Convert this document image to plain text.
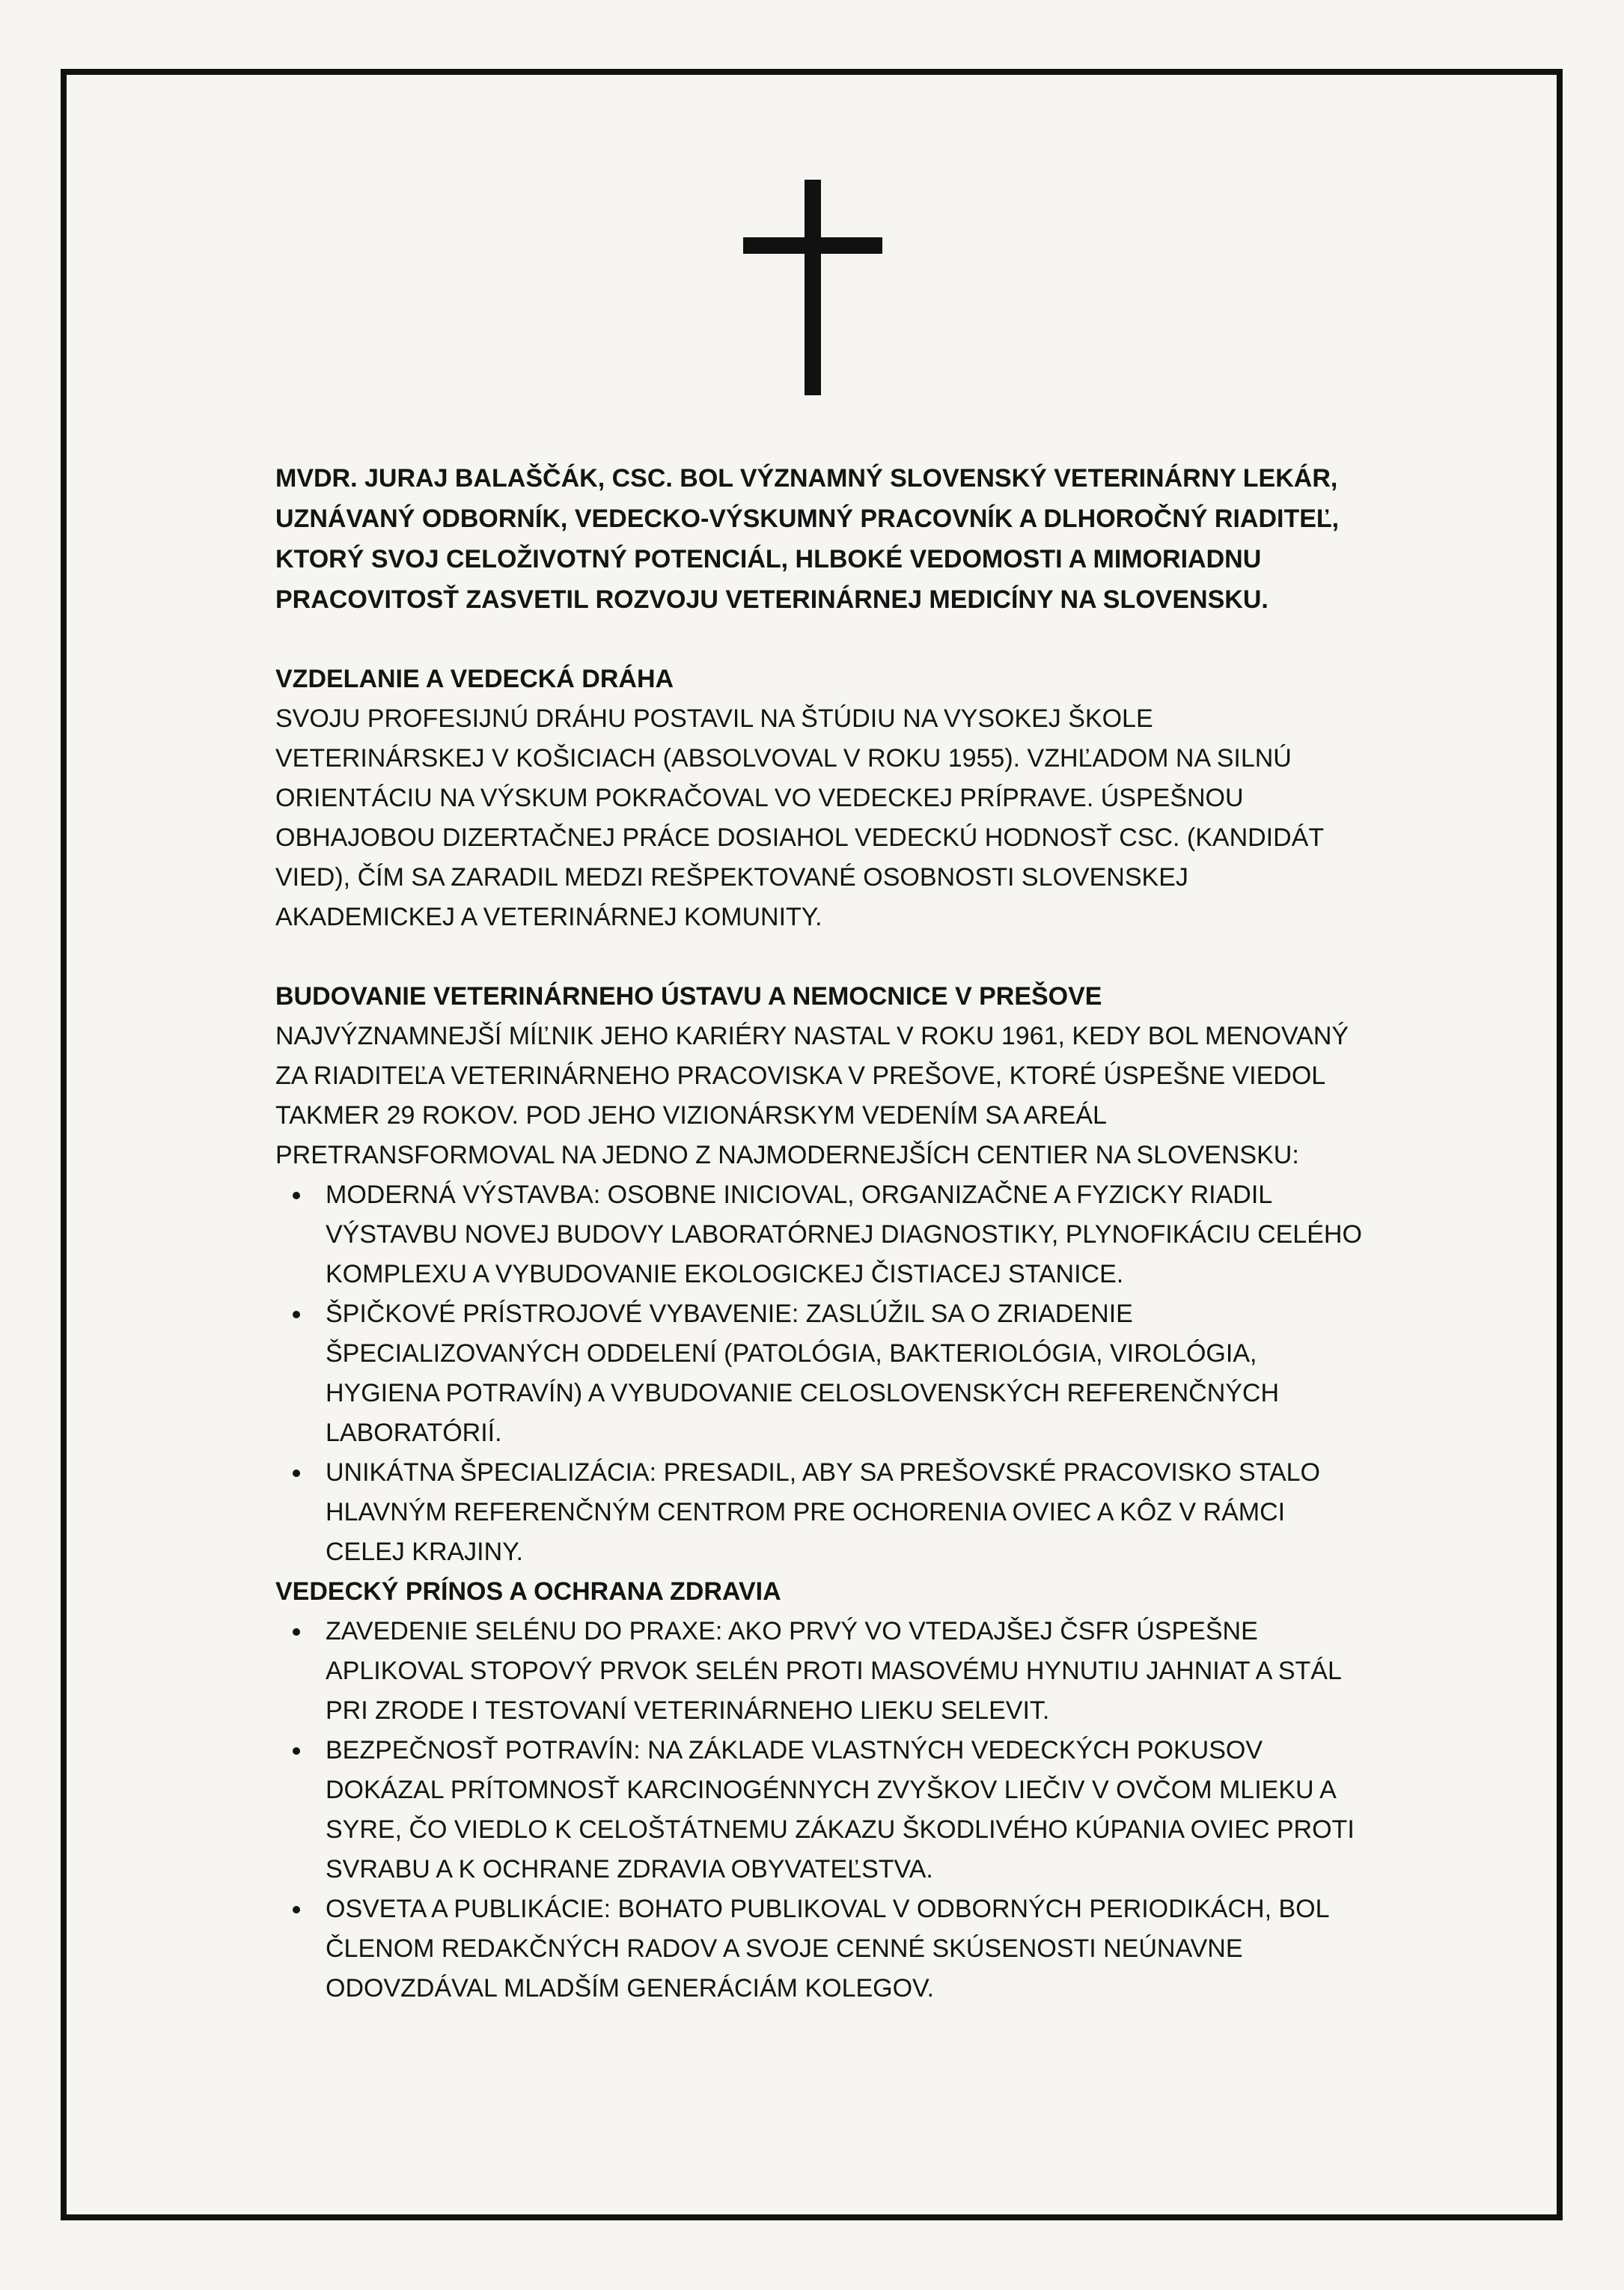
MVDR. JURAJ BALAŠČÁK, CSC. BOL VÝZNAMNÝ SLOVENSKÝ VETERINÁRNY LEKÁR, UZNÁVANÝ ODBORNÍK, VEDECKO-VÝSKUMNÝ PRACOVNÍK A DLHOROČNÝ RIADITEĽ, KTORÝ SVOJ CELOŽIVOTNÝ POTENCIÁL, HLBOKÉ VEDOMOSTI A MIMORIADNU PRACOVITOSŤ ZASVETIL ROZVOJU VETERINÁRNEJ MEDICÍNY NA SLOVENSKU.

VZDELANIE A VEDECKÁ DRÁHA

SVOJU PROFESIJNÚ DRÁHU POSTAVIL NA ŠTÚDIU NA VYSOKEJ ŠKOLE VETERINÁRSKEJ V KOŠICIACH (ABSOLVOVAL V ROKU 1955). VZHĽADOM NA SILNÚ ORIENTÁCIU NA VÝSKUM POKRAČOVAL VO VEDECKEJ PRÍPRAVE. ÚSPEŠNOU OBHAJOBOU DIZERTAČNEJ PRÁCE DOSIAHOL VEDECKÚ HODNOSŤ CSC. (KANDIDÁT VIED), ČÍM SA ZARADIL MEDZI REŠPEKTOVANÉ OSOBNOSTI SLOVENSKEJ AKADEMICKEJ A VETERINÁRNEJ KOMUNITY.

BUDOVANIE VETERINÁRNEHO ÚSTAVU A NEMOCNICE V PREŠOVE

NAJVÝZNAMNEJŠÍ MÍĽNIK JEHO KARIÉRY NASTAL V ROKU 1961, KEDY BOL MENOVANÝ ZA RIADITEĽA VETERINÁRNEHO PRACOVISKA V PREŠOVE, KTORÉ ÚSPEŠNE VIEDOL TAKMER 29 ROKOV. POD JEHO VIZIONÁRSKYM VEDENÍM SA AREÁL PRETRANSFORMOVAL NA JEDNO Z NAJMODERNEJŠÍCH CENTIER NA SLOVENSKU:

MODERNÁ VÝSTAVBA: OSOBNE INICIOVAL, ORGANIZAČNE A FYZICKY RIADIL VÝSTAVBU NOVEJ BUDOVY LABORATÓRNEJ DIAGNOSTIKY, PLYNOFIKÁCIU CELÉHO KOMPLEXU A VYBUDOVANIE EKOLOGICKEJ ČISTIACEJ STANICE.
ŠPIČKOVÉ PRÍSTROJOVÉ VYBAVENIE: ZASLÚŽIL SA O ZRIADENIE ŠPECIALIZOVANÝCH ODDELENÍ (PATOLÓGIA, BAKTERIOLÓGIA, VIROLÓGIA, HYGIENA POTRAVÍN) A VYBUDOVANIE CELOSLOVENSKÝCH REFERENČNÝCH LABORATÓRIÍ.
UNIKÁTNA ŠPECIALIZÁCIA: PRESADIL, ABY SA PREŠOVSKÉ PRACOVISKO STALO HLAVNÝM REFERENČNÝM CENTROM PRE OCHORENIA OVIEC A KÔZ V RÁMCI CELEJ KRAJINY.

VEDECKÝ PRÍNOS A OCHRANA ZDRAVIA

ZAVEDENIE SELÉNU DO PRAXE: AKO PRVÝ VO VTEDAJŠEJ ČSFR ÚSPEŠNE APLIKOVAL STOPOVÝ PRVOK SELÉN PROTI MASOVÉMU HYNUTIU JAHNIAT A STÁL PRI ZRODE I TESTOVANÍ VETERINÁRNEHO LIEKU SELEVIT.
BEZPEČNOSŤ POTRAVÍN: NA ZÁKLADE VLASTNÝCH VEDECKÝCH POKUSOV DOKÁZAL PRÍTOMNOSŤ KARCINOGÉNNYCH ZVYŠKOV LIEČIV V OVČOM MLIEKU A SYRE, ČO VIEDLO K CELOŠTÁTNEMU ZÁKAZU ŠKODLIVÉHO KÚPANIA OVIEC PROTI SVRABU A K OCHRANE ZDRAVIA OBYVATEĽSTVA.
OSVETA A PUBLIKÁCIE: BOHATO PUBLIKOVAL V ODBORNÝCH PERIODIKÁCH, BOL ČLENOM REDAKČNÝCH RADOV A SVOJE CENNÉ SKÚSENOSTI NEÚNAVNE ODOVZDÁVAL MLADŠÍM GENERÁCIÁM KOLEGOV.
